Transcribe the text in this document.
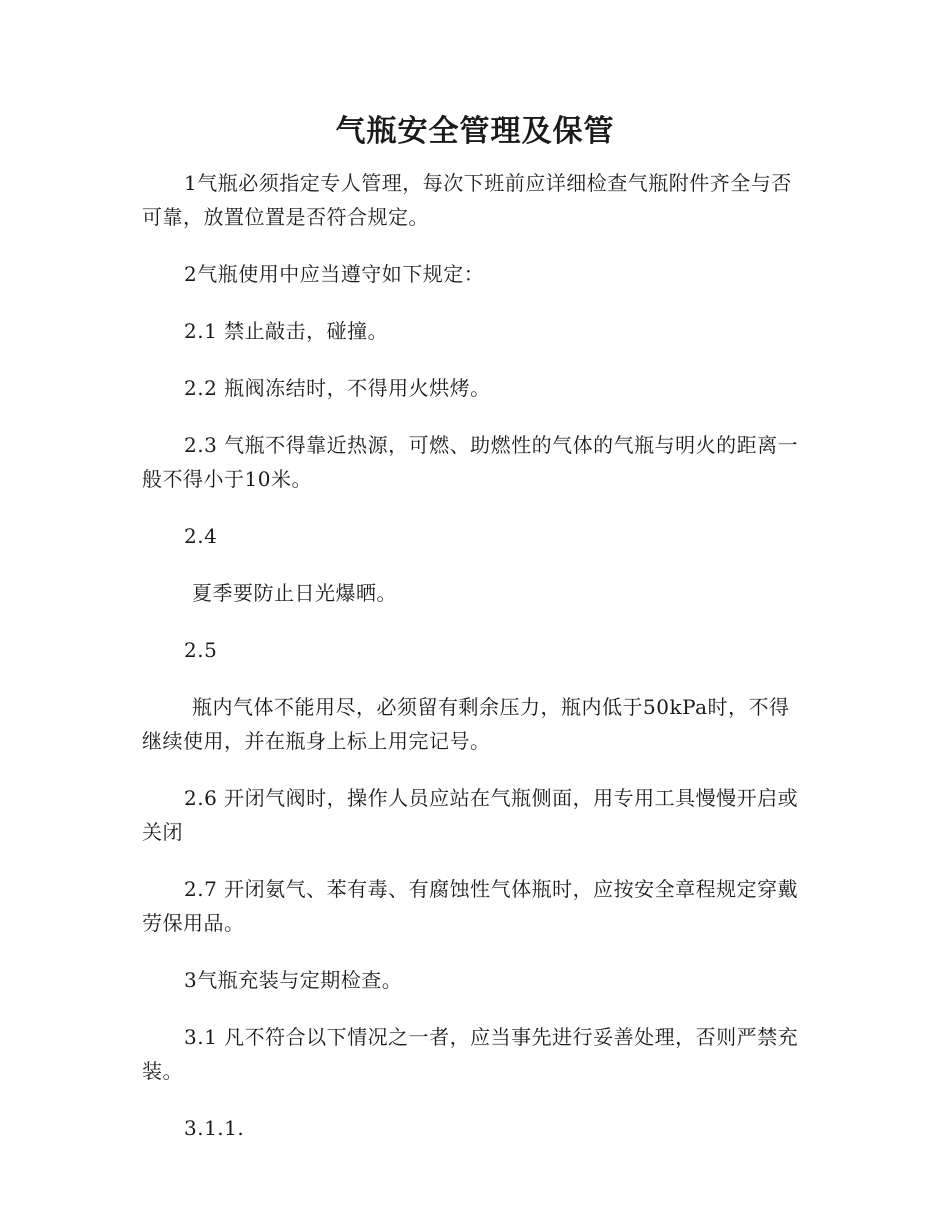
气瓶安全管理及保管

1气瓶必须指定专人管理，每次下班前应详细检查气瓶附件齐全与否可靠，放置位置是否符合规定。

2气瓶使用中应当遵守如下规定：

2.1 禁止敲击，碰撞。

2.2 瓶阀冻结时，不得用火烘烤。

2.3 气瓶不得靠近热源，可燃、助燃性的气体的气瓶与明火的距离一般不得小于10米。

2.4

夏季要防止日光爆晒。

2.5

瓶内气体不能用尽，必须留有剩余压力，瓶内低于50kPa时，不得继续使用，并在瓶身上标上用完记号。

2.6 开闭气阀时，操作人员应站在气瓶侧面，用专用工具慢慢开启或关闭

2.7 开闭氨气、苯有毒、有腐蚀性气体瓶时，应按安全章程规定穿戴劳保用品。

3气瓶充装与定期检查。

3.1 凡不符合以下情况之一者，应当事先进行妥善处理，否则严禁充装。

3.1.1.
